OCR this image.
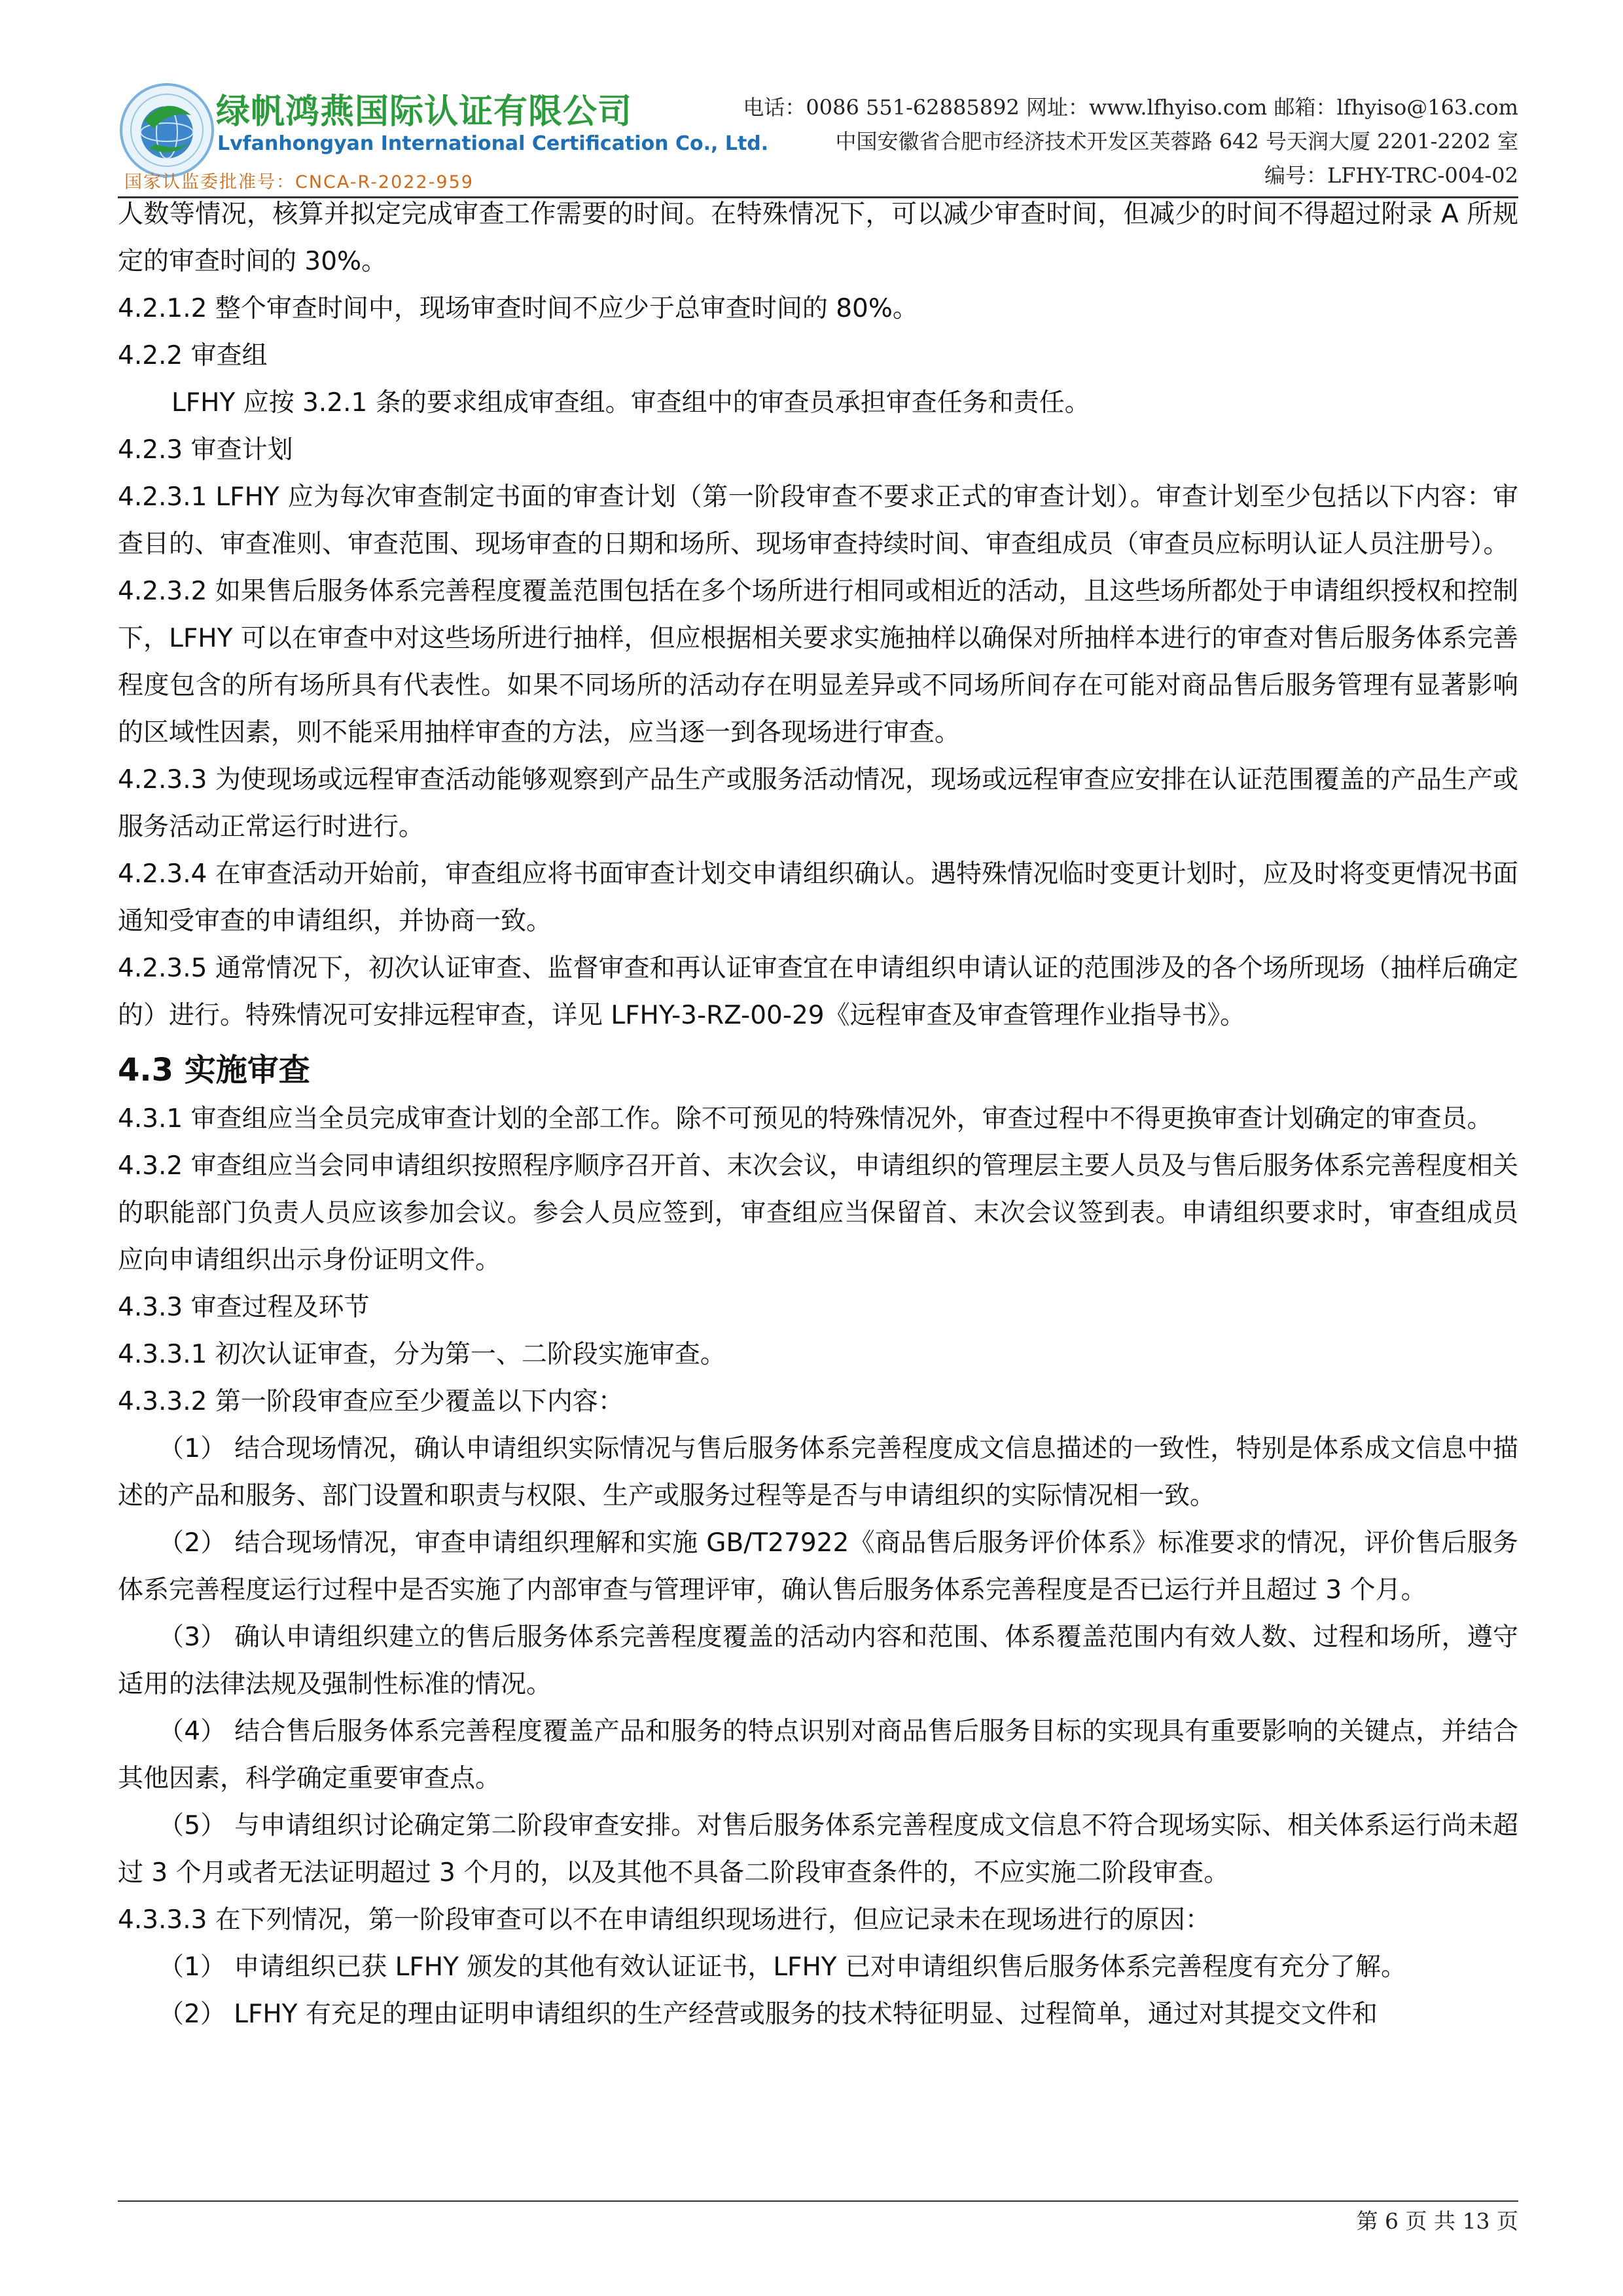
绿帆鸿燕国际认证有限公司
Lvfanhongyan International Certification Co., Ltd.
国家认监委批准号：CNCA-R-2022-959
电话：0086 551-62885892 网址：www.lfhyiso.com 邮箱：lfhyiso@163.com
中国安徽省合肥市经济技术开发区芙蓉路 642 号天润大厦 2201-2202 室
编号：LFHY-TRC-004-02

人数等情况，核算并拟定完成审查工作需要的时间。在特殊情况下，可以减少审查时间，但减少的时间不得超过附录 A 所规定的审查时间的 30%。

4.2.1.2 整个审查时间中，现场审查时间不应少于总审查时间的 80%。

4.2.2 审查组

LFHY 应按 3.2.1 条的要求组成审查组。审查组中的审查员承担审查任务和责任。

4.2.3 审查计划

4.2.3.1 LFHY 应为每次审查制定书面的审查计划（第一阶段审查不要求正式的审查计划）。审查计划至少包括以下内容：审查目的、审查准则、审查范围、现场审查的日期和场所、现场审查持续时间、审查组成员（审查员应标明认证人员注册号）。

4.2.3.2 如果售后服务体系完善程度覆盖范围包括在多个场所进行相同或相近的活动，且这些场所都处于申请组织授权和控制下，LFHY 可以在审查中对这些场所进行抽样，但应根据相关要求实施抽样以确保对所抽样本进行的审查对售后服务体系完善程度包含的所有场所具有代表性。如果不同场所的活动存在明显差异或不同场所间存在可能对商品售后服务管理有显著影响的区域性因素，则不能采用抽样审查的方法，应当逐一到各现场进行审查。

4.2.3.3 为使现场或远程审查活动能够观察到产品生产或服务活动情况，现场或远程审查应安排在认证范围覆盖的产品生产或服务活动正常运行时进行。

4.2.3.4 在审查活动开始前，审查组应将书面审查计划交申请组织确认。遇特殊情况临时变更计划时，应及时将变更情况书面通知受审查的申请组织，并协商一致。

4.2.3.5 通常情况下，初次认证审查、监督审查和再认证审查宜在申请组织申请认证的范围涉及的各个场所现场（抽样后确定的）进行。特殊情况可安排远程审查，详见 LFHY-3-RZ-00-29《远程审查及审查管理作业指导书》。

4.3 实施审查

4.3.1 审查组应当全员完成审查计划的全部工作。除不可预见的特殊情况外，审查过程中不得更换审查计划确定的审查员。

4.3.2 审查组应当会同申请组织按照程序顺序召开首、末次会议，申请组织的管理层主要人员及与售后服务体系完善程度相关的职能部门负责人员应该参加会议。参会人员应签到，审查组应当保留首、末次会议签到表。申请组织要求时，审查组成员应向申请组织出示身份证明文件。

4.3.3 审查过程及环节

4.3.3.1 初次认证审查，分为第一、二阶段实施审查。

4.3.3.2 第一阶段审查应至少覆盖以下内容：

（1） 结合现场情况，确认申请组织实际情况与售后服务体系完善程度成文信息描述的一致性，特别是体系成文信息中描述的产品和服务、部门设置和职责与权限、生产或服务过程等是否与申请组织的实际情况相一致。

（2） 结合现场情况，审查申请组织理解和实施 GB/T27922《商品售后服务评价体系》标准要求的情况，评价售后服务体系完善程度运行过程中是否实施了内部审查与管理评审，确认售后服务体系完善程度是否已运行并且超过 3 个月。

（3） 确认申请组织建立的售后服务体系完善程度覆盖的活动内容和范围、体系覆盖范围内有效人数、过程和场所，遵守适用的法律法规及强制性标准的情况。

（4） 结合售后服务体系完善程度覆盖产品和服务的特点识别对商品售后服务目标的实现具有重要影响的关键点，并结合其他因素，科学确定重要审查点。

（5） 与申请组织讨论确定第二阶段审查安排。对售后服务体系完善程度成文信息不符合现场实际、相关体系运行尚未超过 3 个月或者无法证明超过 3 个月的，以及其他不具备二阶段审查条件的，不应实施二阶段审查。

4.3.3.3 在下列情况，第一阶段审查可以不在申请组织现场进行，但应记录未在现场进行的原因：

（1） 申请组织已获 LFHY 颁发的其他有效认证证书，LFHY 已对申请组织售后服务体系完善程度有充分了解。

（2） LFHY 有充足的理由证明申请组织的生产经营或服务的技术特征明显、过程简单，通过对其提交文件和

第 6 页 共 13 页
